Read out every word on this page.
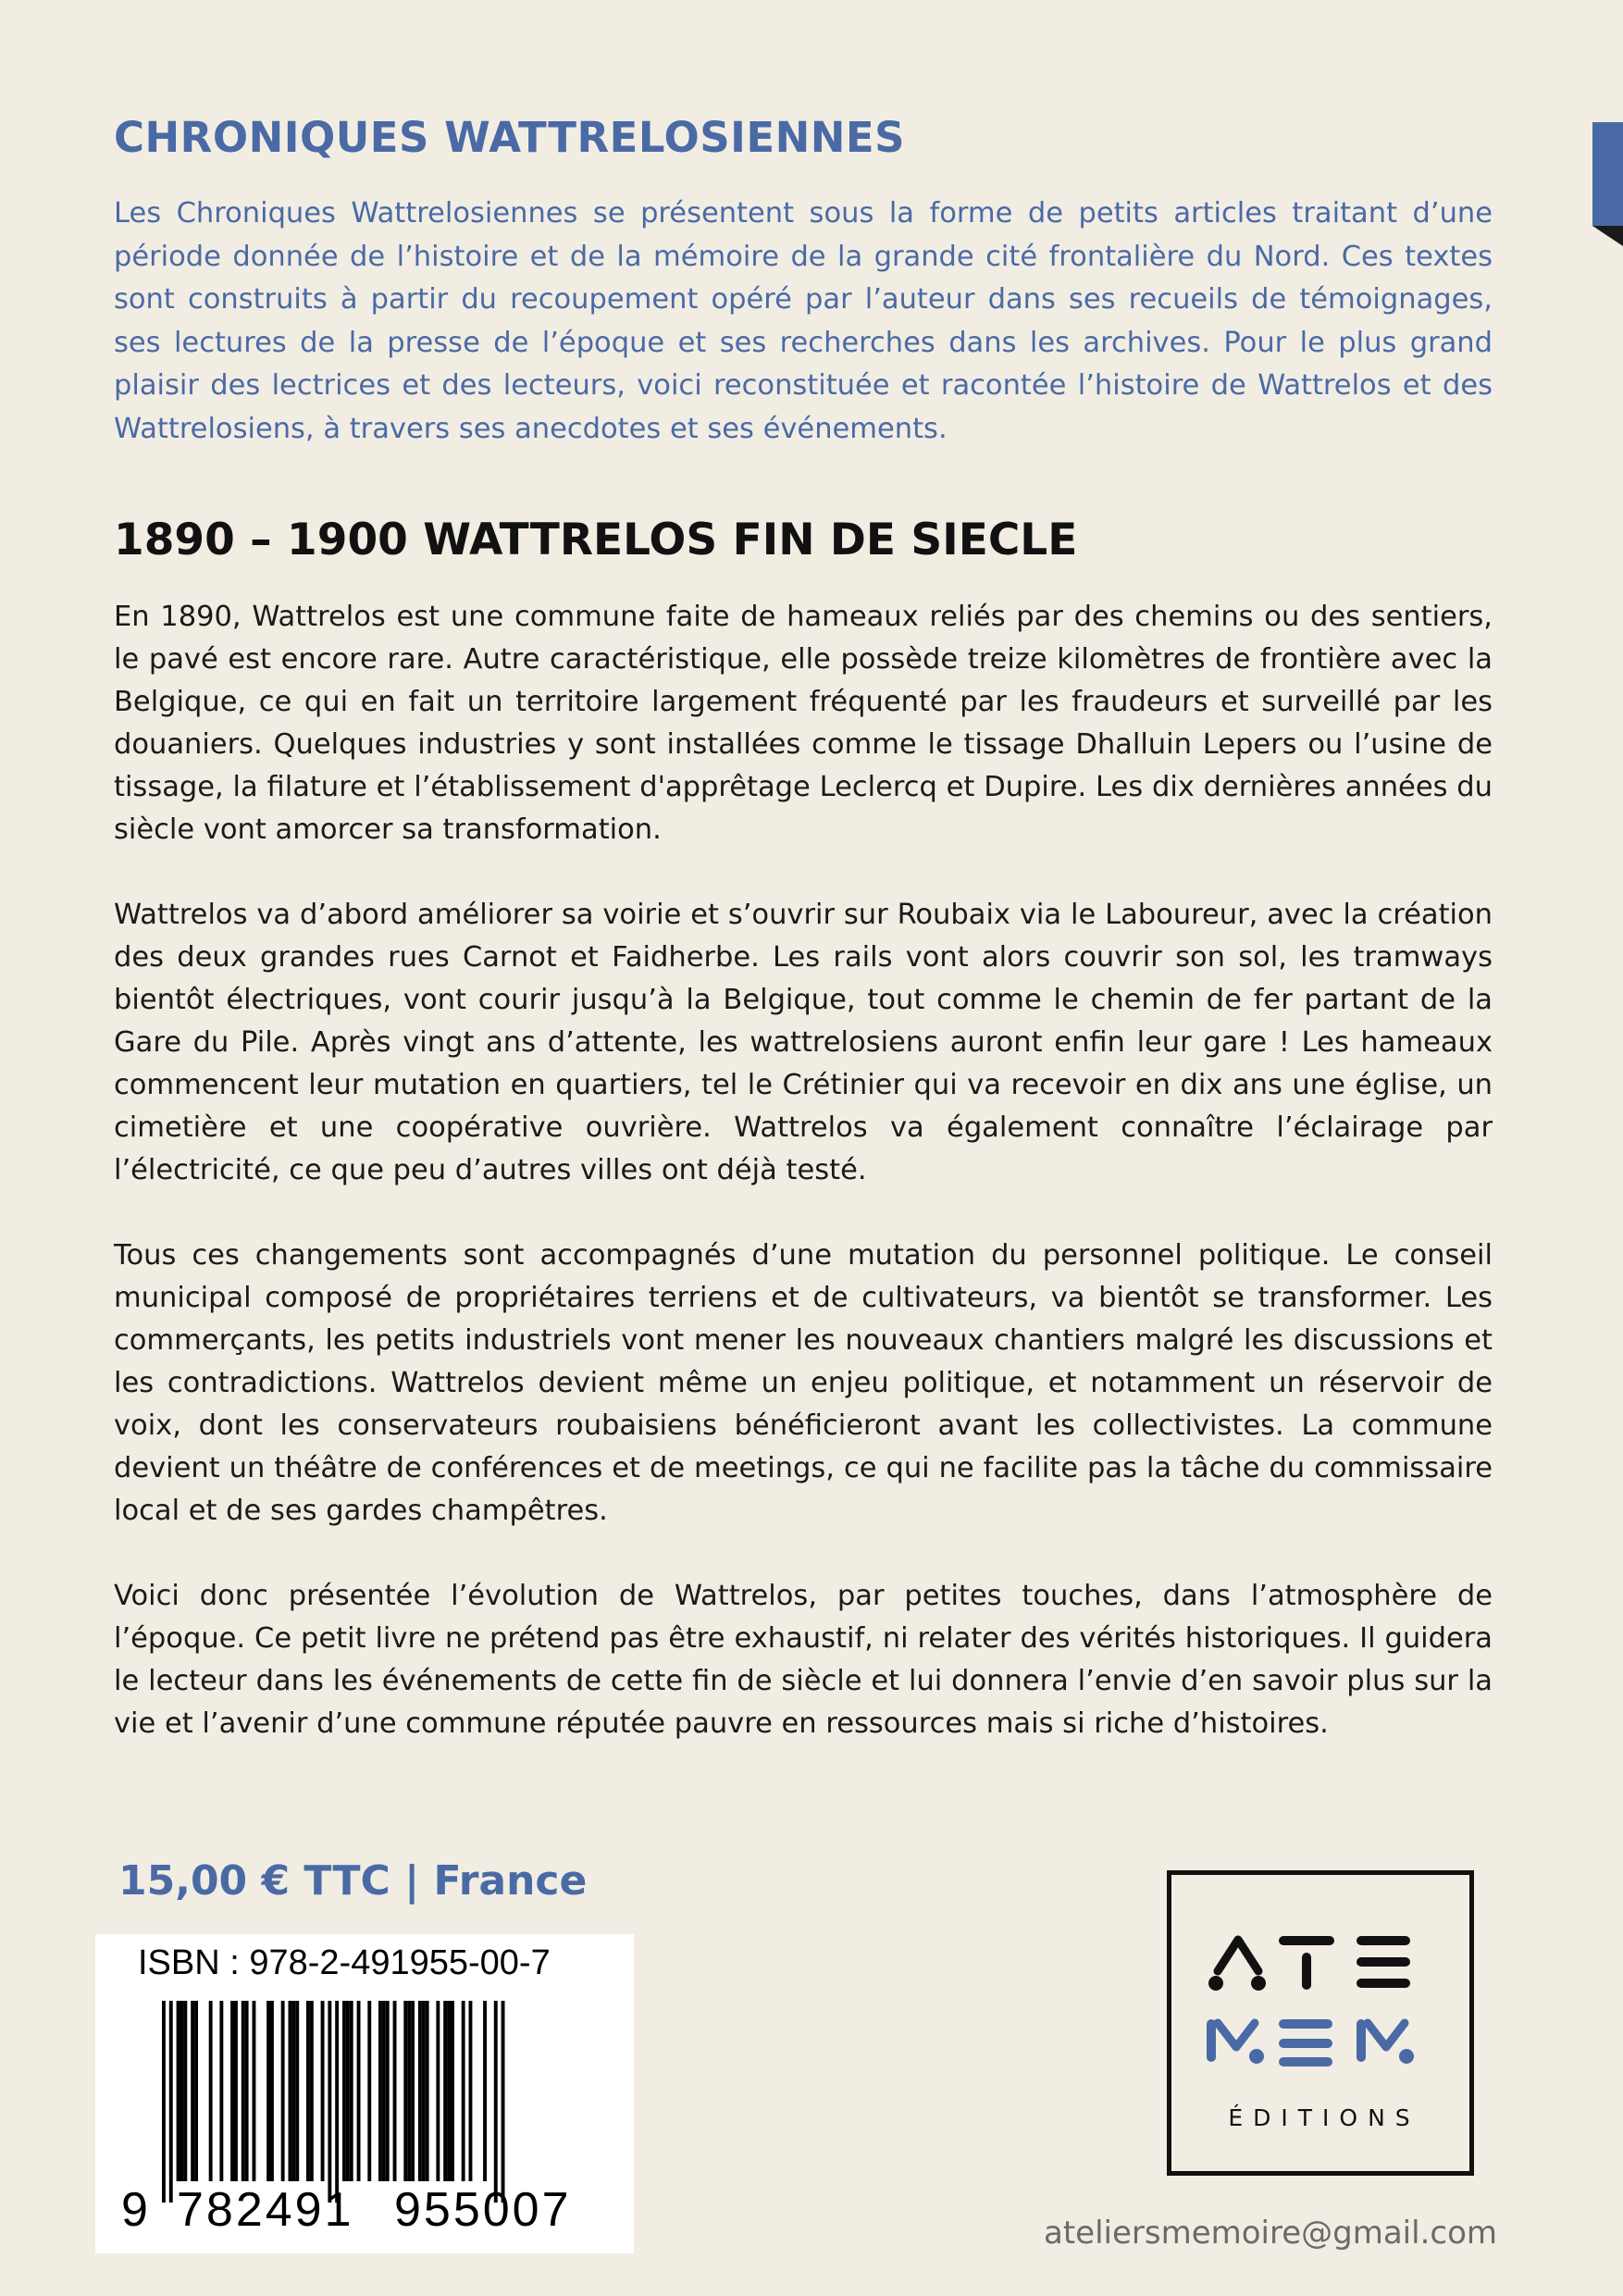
CHRONIQUES WATTRELOSIENNES

Les Chroniques Wattrelosiennes se présentent sous la forme de petits articles traitant d’une période donnée de l’histoire et de la mémoire de la grande cité frontalière du Nord. Ces textes sont construits à partir du recoupement opéré par l’auteur dans ses recueils de témoignages, ses lectures de la presse de l’époque et ses recherches dans les archives. Pour le plus grand plaisir des lectrices et des lecteurs, voici reconstituée et racontée l’histoire de Wattrelos et des Wattrelosiens, à travers ses anecdotes et ses événements.

1890 – 1900 WATTRELOS FIN DE SIECLE

En 1890, Wattrelos est une commune faite de hameaux reliés par des chemins ou des sentiers, le pavé est encore rare. Autre caractéristique, elle possède treize kilomètres de frontière avec la Belgique, ce qui en fait un territoire largement fréquenté par les fraudeurs et surveillé par les douaniers. Quelques industries y sont installées comme le tissage Dhalluin Lepers ou l’usine de tissage, la filature et l’établissement d'apprêtage Leclercq et Dupire. Les dix dernières années du siècle vont amorcer sa transformation.

Wattrelos va d’abord améliorer sa voirie et s’ouvrir sur Roubaix via le Laboureur, avec la création des deux grandes rues Carnot et Faidherbe. Les rails vont alors couvrir son sol, les tramways bientôt électriques, vont courir jusqu’à la Belgique, tout comme le chemin de fer partant de la Gare du Pile. Après vingt ans d’attente, les wattrelosiens auront enfin leur gare ! Les hameaux commencent leur mutation en quartiers, tel le Crétinier qui va recevoir en dix ans une église, un cimetière et une coopérative ouvrière. Wattrelos va également connaître l’éclairage par l’électricité, ce que peu d’autres villes ont déjà testé.

Tous ces changements sont accompagnés d’une mutation du personnel politique. Le conseil municipal composé de propriétaires terriens et de cultivateurs, va bientôt se transformer. Les commerçants, les petits industriels vont mener les nouveaux chantiers malgré les discussions et les contradictions. Wattrelos devient même un enjeu politique, et notamment un réservoir de voix, dont les conservateurs roubaisiens bénéficieront avant les collectivistes. La commune devient un théâtre de conférences et de meetings, ce qui ne facilite pas la tâche du commissaire local et de ses gardes champêtres.

Voici donc présentée l’évolution de Wattrelos, par petites touches, dans l’atmosphère de l’époque. Ce petit livre ne prétend pas être exhaustif, ni relater des vérités historiques. Il guidera le lecteur dans les événements de cette fin de siècle et lui donnera l’envie d’en savoir plus sur la vie et l’avenir d’une commune réputée pauvre en ressources mais si riche d’histoires.

15,00 € TTC | France

ISBN : 978-2-491955-00-7
9 782491 955007
ÉDITIONS

ateliersmemoire@gmail.com
